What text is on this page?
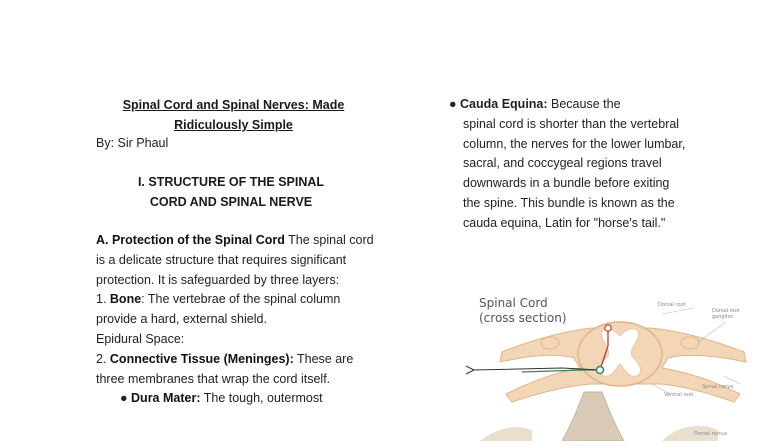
Spinal Cord and Spinal Nerves: Made
Ridiculously Simple
By: Sir Phaul
I. STRUCTURE OF THE SPINAL
CORD AND SPINAL NERVE
A. Protection of the Spinal Cord The spinal cord is a delicate structure that requires significant protection. It is safeguarded by three layers:
1. Bone: The vertebrae of the spinal column provide a hard, external shield.
Epidural Space:
2. Connective Tissue (Meninges): These are three membranes that wrap the cord itself.
● Dura Mater: The tough, outermost
● Cauda Equina: Because the
spinal cord is shorter than the vertebral column, the nerves for the lower lumbar, sacral, and coccygeal regions travel downwards in a bundle before exiting the spine. This bundle is known as the cauda equina, Latin for "horse's tail."
Spinal Cord
(cross section)
Dorsal root
Dorsal root ganglion
Spinal nerve
Ventral root
Dorsal ramus
